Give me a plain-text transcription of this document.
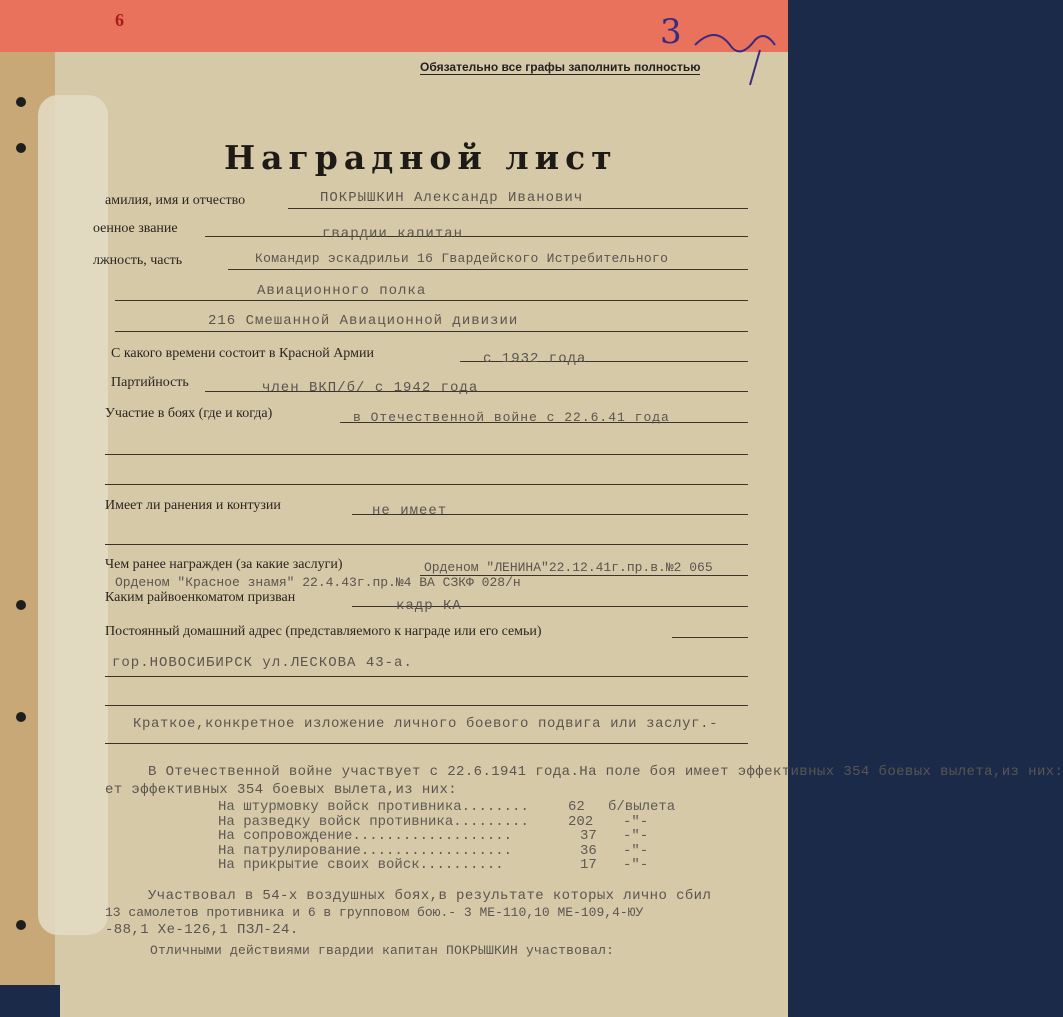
6	3
Обязательно все графы заполнить полностью
Наградной лист
амилия, имя и отчество	ПОКРЫШКИН Александр Иванович
оенное звание	гвардии капитан
лжность, часть	Командир эскадрильи 16 Гвардейского Истребительного
Авиационного полка
216 Смешанной Авиационной дивизии
С какого времени состоит в Красной Армии	с 1932 года
Партийность	член ВКП/б/ с 1942 года
Участие в боях (где и когда)	в Отечественной войне с 22.6.41 года
Имеет ли ранения и контузии	не имеет
Чем ранее награжден (за какие заслуги)	Орденом "ЛЕНИНА"22.12.41г.пр.в.№2 065
Орденом "Красное знамя" 22.4.43г.пр.№4 ВА СЗКФ 028/н
Каким райвоенкоматом призван
кадр КА
Постоянный домашний адрес (представляемого к награде или его семьи)
гор.НОВОСИБИРСК ул.ЛЕСКОВА 43-а.
Краткое,конкретное изложение личного боевого подвига или заслуг.-
В Отечественной войне участвует с 22.6.1941 года.На поле боя имеет эффективных 354 боевых вылета,из них:
ет эффективных 354 боевых вылета,из них:
На штурмовку войск противника........	62 б/вылета
На разведку войск противника.........	202 -"-
На сопровождение...................	37 -"-
На патрулирование..................	36 -"-
На прикрытие своих войск..........	17 -"-
Участвовал в 54-х воздушных боях,в результате которых лично сбил
13 самолетов противника и 6 в групповом бою.- 3 МЕ-110,10 МЕ-109,4-ЮУ
-88,1 Хе-126,1 ПЗЛ-24.
Отличными действиями гвардии капитан ПОКРЫШКИН участвовал:
